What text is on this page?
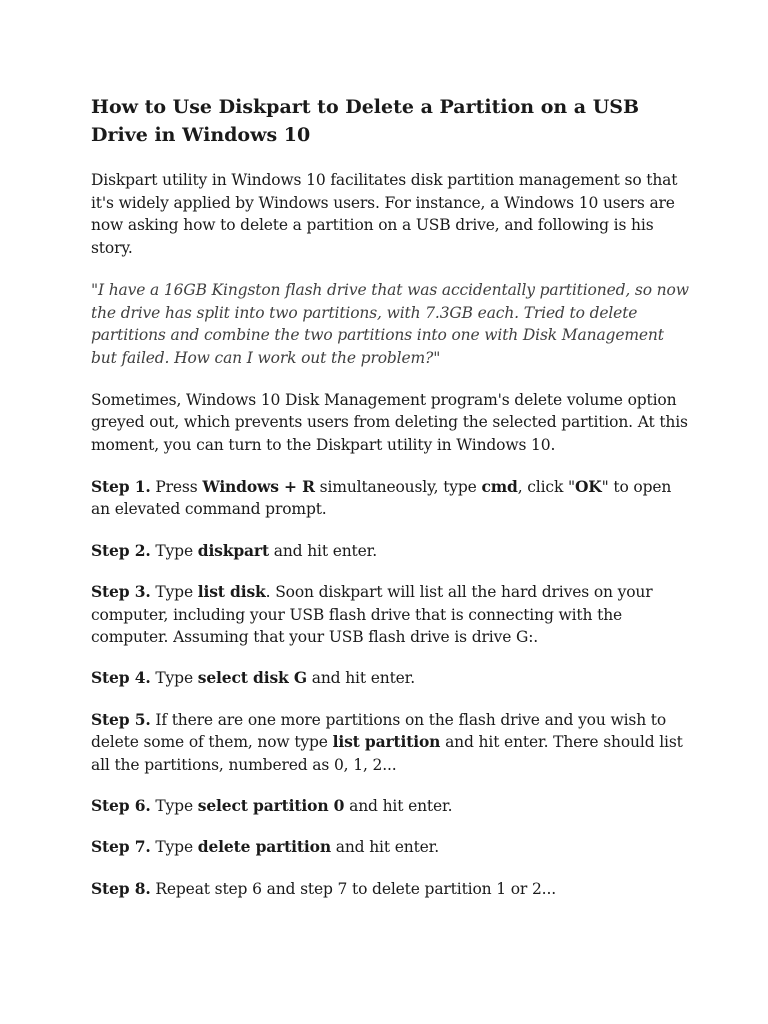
How to Use Diskpart to Delete a Partition on a USB Drive in Windows 10

Diskpart utility in Windows 10 facilitates disk partition management so that it's widely applied by Windows users. For instance, a Windows 10 users are now asking how to delete a partition on a USB drive, and following is his story.

"I have a 16GB Kingston flash drive that was accidentally partitioned, so now the drive has split into two partitions, with 7.3GB each. Tried to delete partitions and combine the two partitions into one with Disk Management but failed. How can I work out the problem?"

Sometimes, Windows 10 Disk Management program's delete volume option greyed out, which prevents users from deleting the selected partition. At this moment, you can turn to the Diskpart utility in Windows 10.

Step 1. Press Windows + R simultaneously, type cmd, click "OK" to open an elevated command prompt.

Step 2. Type diskpart and hit enter.

Step 3. Type list disk. Soon diskpart will list all the hard drives on your computer, including your USB flash drive that is connecting with the computer. Assuming that your USB flash drive is drive G:.

Step 4. Type select disk G and hit enter.

Step 5. If there are one more partitions on the flash drive and you wish to delete some of them, now type list partition and hit enter. There should list all the partitions, numbered as 0, 1, 2...

Step 6. Type select partition 0 and hit enter.

Step 7. Type delete partition and hit enter.

Step 8. Repeat step 6 and step 7 to delete partition 1 or 2...
